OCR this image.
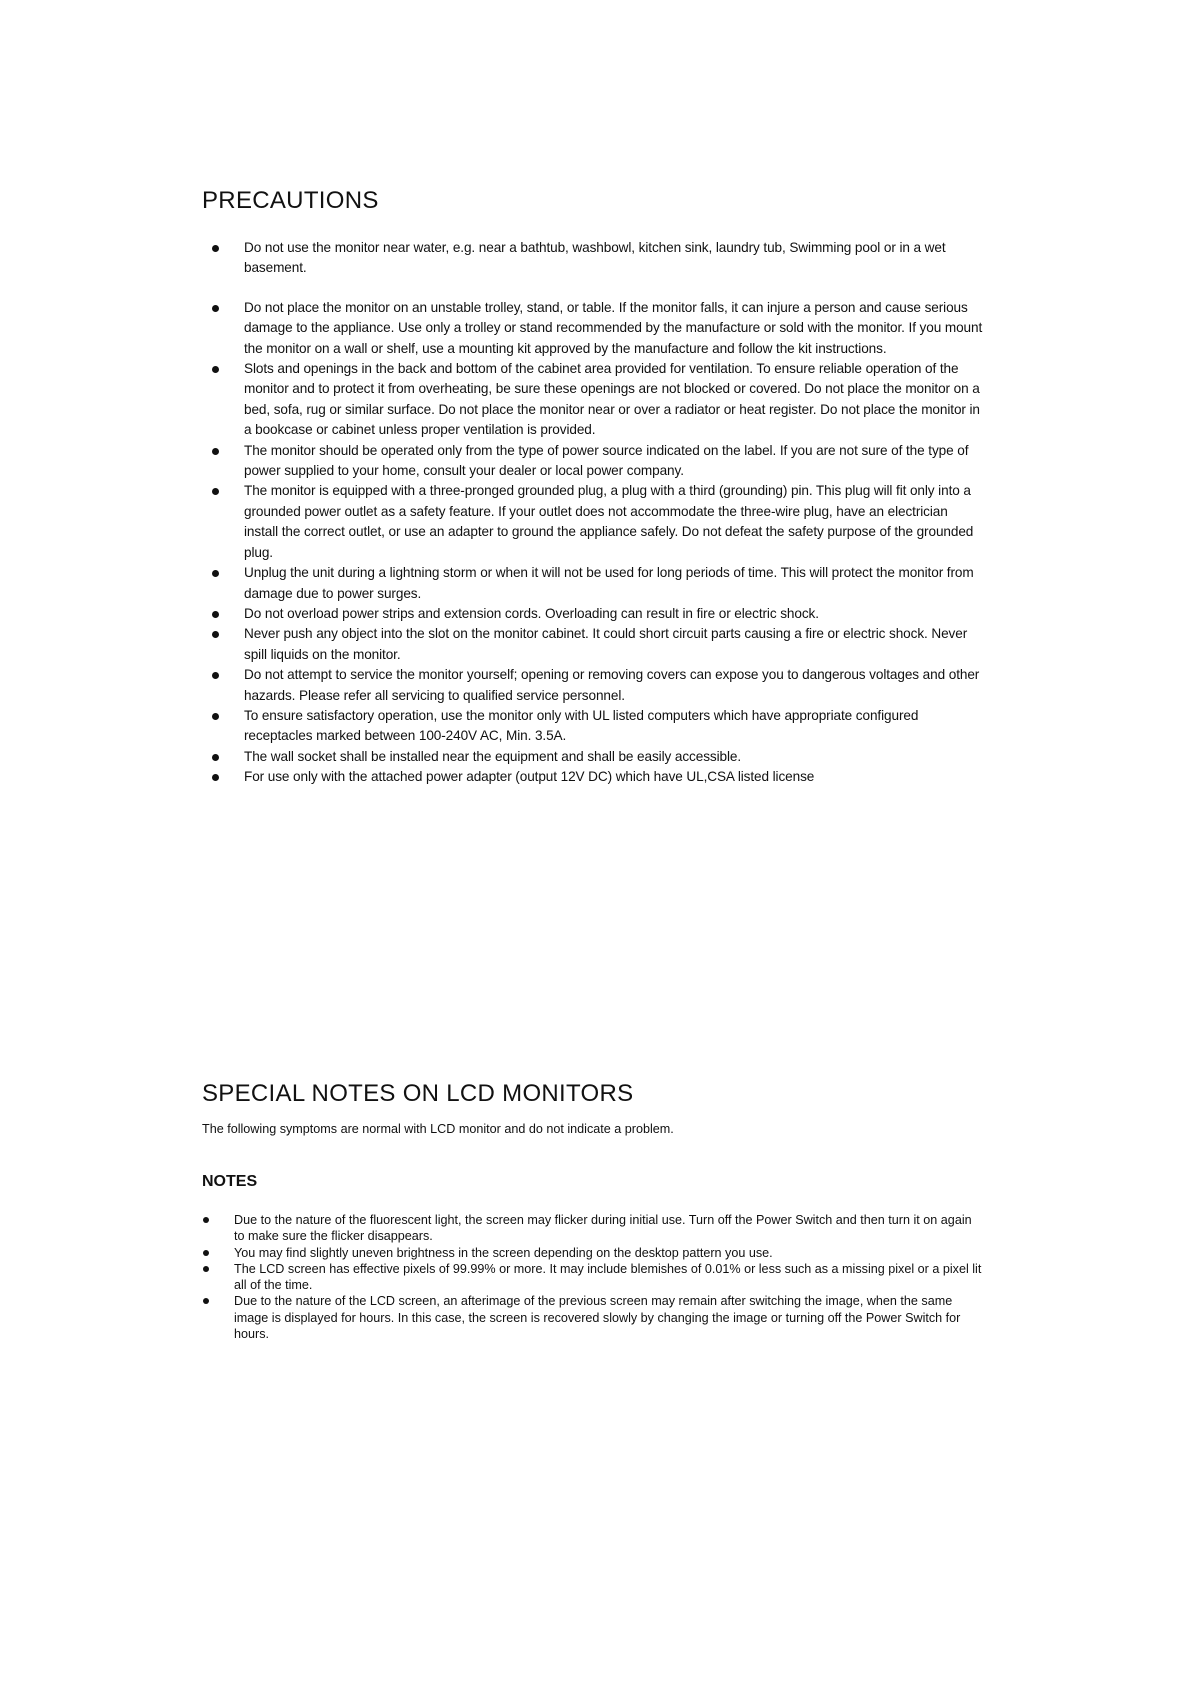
PRECAUTIONS
Do not use the monitor near water, e.g. near a bathtub, washbowl, kitchen sink, laundry tub, Swimming pool or in a wet basement.
Do not place the monitor on an unstable trolley, stand, or table. If the monitor falls, it can injure a person and cause serious damage to the appliance. Use only a trolley or stand recommended by the manufacture or sold with the monitor. If you mount the monitor on a wall or shelf, use a mounting kit approved by the manufacture and follow the kit instructions.
Slots and openings in the back and bottom of the cabinet area provided for ventilation. To ensure reliable operation of the monitor and to protect it from overheating, be sure these openings are not blocked or covered. Do not place the monitor on a bed, sofa, rug or similar surface. Do not place the monitor near or over a radiator or heat register. Do not place the monitor in a bookcase or cabinet unless proper ventilation is provided.
The monitor should be operated only from the type of power source indicated on the label. If you are not sure of the type of power supplied to your home, consult your dealer or local power company.
The monitor is equipped with a three-pronged grounded plug, a plug with a third (grounding) pin. This plug will fit only into a grounded power outlet as a safety feature. If your outlet does not accommodate the three-wire plug, have an electrician install the correct outlet, or use an adapter to ground the appliance safely. Do not defeat the safety purpose of the grounded plug.
Unplug the unit during a lightning storm or when it will not be used for long periods of time. This will protect the monitor from damage due to power surges.
Do not overload power strips and extension cords. Overloading can result in fire or electric shock.
Never push any object into the slot on the monitor cabinet. It could short circuit parts causing a fire or electric shock. Never spill liquids on the monitor.
Do not attempt to service the monitor yourself; opening or removing covers can expose you to dangerous voltages and other hazards. Please refer all servicing to qualified service personnel.
To ensure satisfactory operation, use the monitor only with UL listed computers which have appropriate configured receptacles marked between 100-240V AC, Min. 3.5A.
The wall socket shall be installed near the equipment and shall be easily accessible.
For use only with the attached power adapter (output 12V DC) which have UL,CSA listed license
SPECIAL NOTES ON LCD MONITORS
The following symptoms are normal with LCD monitor and do not indicate a problem.
NOTES
Due to the nature of the fluorescent light, the screen may flicker during initial use. Turn off the Power Switch and then turn it on again to make sure the flicker disappears.
You may find slightly uneven brightness in the screen depending on the desktop pattern you use.
The LCD screen has effective pixels of 99.99% or more. It may include blemishes of 0.01% or less such as a missing pixel or a pixel lit all of the time.
Due to the nature of the LCD screen, an afterimage of the previous screen may remain after switching the image, when the same image is displayed for hours. In this case, the screen is recovered slowly by changing the image or turning off the Power Switch for hours.
